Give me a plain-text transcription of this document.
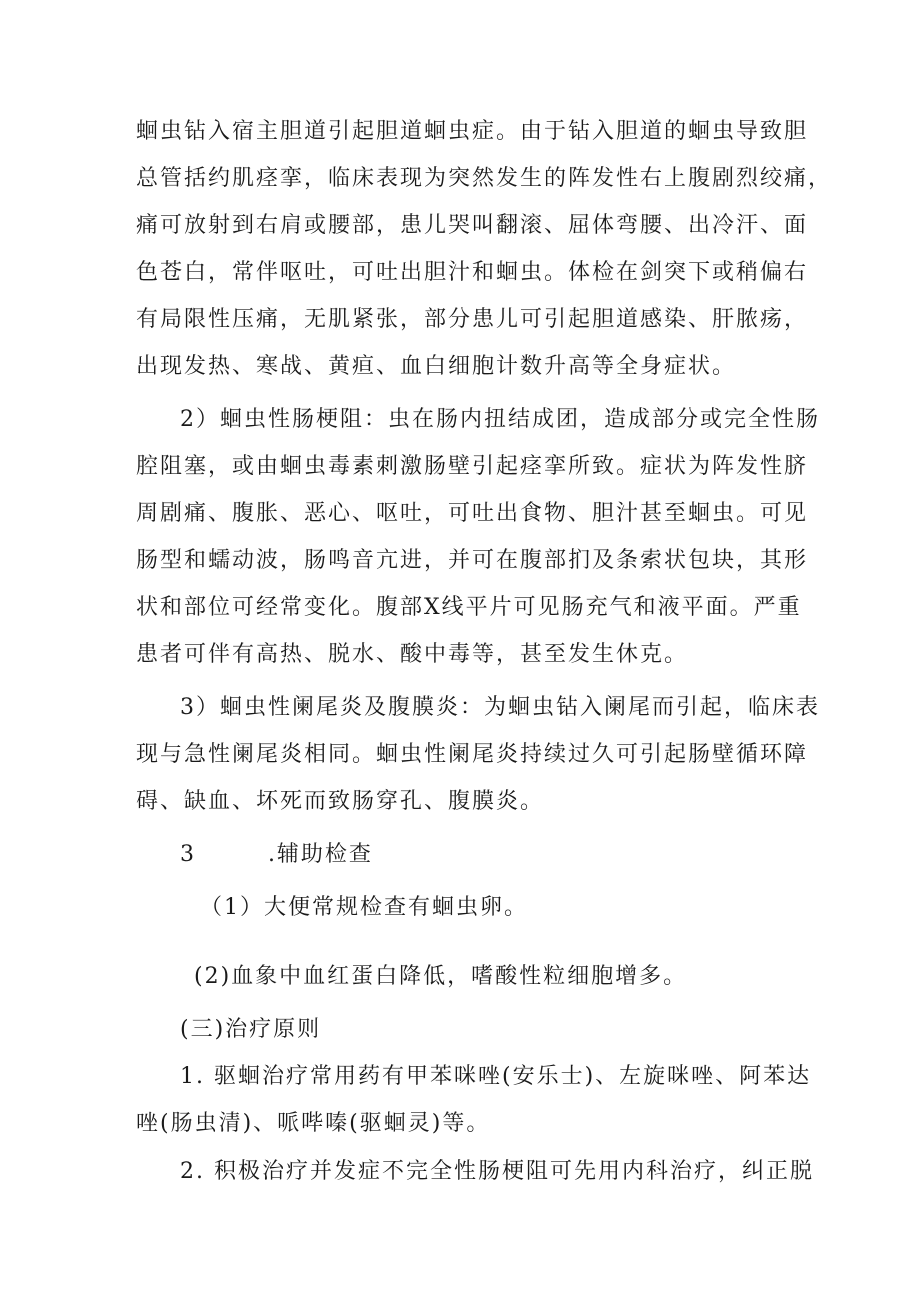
蛔虫钻入宿主胆道引起胆道蛔虫症。由于钻入胆道的蛔虫导致胆
总管括约肌痉挛，临床表现为突然发生的阵发性右上腹剧烈绞痛，
痛可放射到右肩或腰部，患儿哭叫翻滚、屈体弯腰、出冷汗、面
色苍白，常伴呕吐，可吐出胆汁和蛔虫。体检在剑突下或稍偏右
有局限性压痛，无肌紧张，部分患儿可引起胆道感染、肝脓疡，
出现发热、寒战、黄疸、血白细胞计数升高等全身症状。
2）蛔虫性肠梗阻：虫在肠内扭结成团，造成部分或完全性肠
腔阻塞，或由蛔虫毒素刺激肠壁引起痉挛所致。症状为阵发性脐
周剧痛、腹胀、恶心、呕吐，可吐出食物、胆汁甚至蛔虫。可见
肠型和蠕动波，肠鸣音亢进，并可在腹部扪及条索状包块，其形
状和部位可经常变化。腹部X线平片可见肠充气和液平面。严重
患者可伴有高热、脱水、酸中毒等，甚至发生休克。
3）蛔虫性阑尾炎及腹膜炎：为蛔虫钻入阑尾而引起，临床表
现与急性阑尾炎相同。蛔虫性阑尾炎持续过久可引起肠壁循环障
碍、缺血、坏死而致肠穿孔、腹膜炎。
3        .辅助检查
（1）大便常规检查有蛔虫卵。
(2)血象中血红蛋白降低，嗜酸性粒细胞增多。
(三)治疗原则
1. 驱蛔治疗常用药有甲苯咪唑(安乐士)、左旋咪唑、阿苯达
唑(肠虫清)、哌哔嗪(驱蛔灵)等。
2. 积极治疗并发症不完全性肠梗阻可先用内科治疗，纠正脱
